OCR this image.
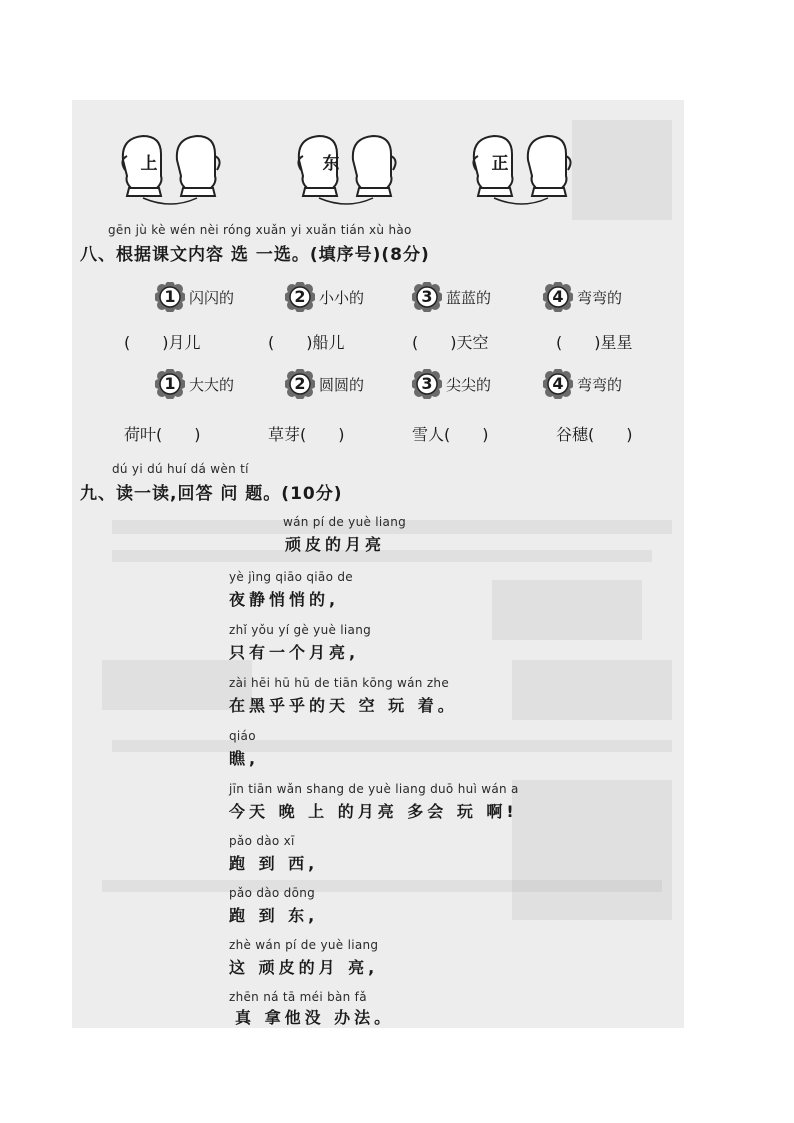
上	东	正
gēn jù kè wén nèi róng xuǎn yi xuǎn tián xù hào
八、根据课文内容 选 一选。(填序号)(8分)
1 闪闪的	2 小小的	3 蓝蓝的	4 弯弯的
(　　)月儿	(　　)船儿	(　　)天空	(　　)星星
1 大大的	2 圆圆的	3 尖尖的	4 弯弯的
荷叶(　　)	草芽(　　)	雪人(　　)	谷穗(　　)
dú yi dú huí dá wèn tí
九、读一读,回答 问 题。(10分)
wán pí de yuè liang
顽皮的月亮
yè jìng qiāo qiāo de
夜静悄悄的,
zhǐ yǒu yí gè yuè liang
只有一个月亮,
zài hēi hū hū de tiān kōng wán zhe
在黑乎乎的天 空 玩 着。
qiáo
瞧,
jīn tiān wǎn shang de yuè liang duō huì wán a
今天 晚 上 的月亮 多会 玩 啊!
pǎo dào xī
跑 到 西,
pǎo dào dōng
跑 到 东,
zhè wán pí de yuè liang
这 顽皮的月 亮,
zhēn ná tā méi bàn fǎ
真 拿他没 办法。
